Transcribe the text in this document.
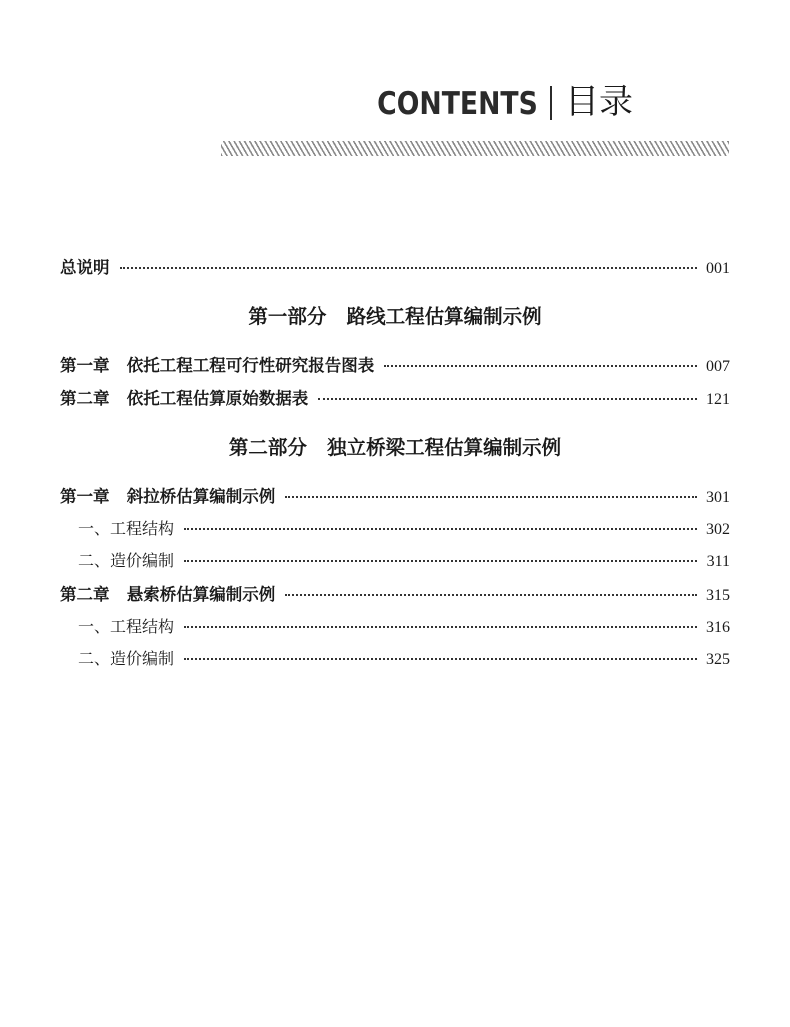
CONTENTS 目录
总说明	001
第一部分   路线工程估算编制示例
第一章   依托工程工程可行性研究报告图表	007
第二章   依托工程估算原始数据表	121
第二部分   独立桥梁工程估算编制示例
第一章   斜拉桥估算编制示例	301
一、工程结构	302
二、造价编制	311
第二章   悬索桥估算编制示例	315
一、工程结构	316
二、造价编制	325
